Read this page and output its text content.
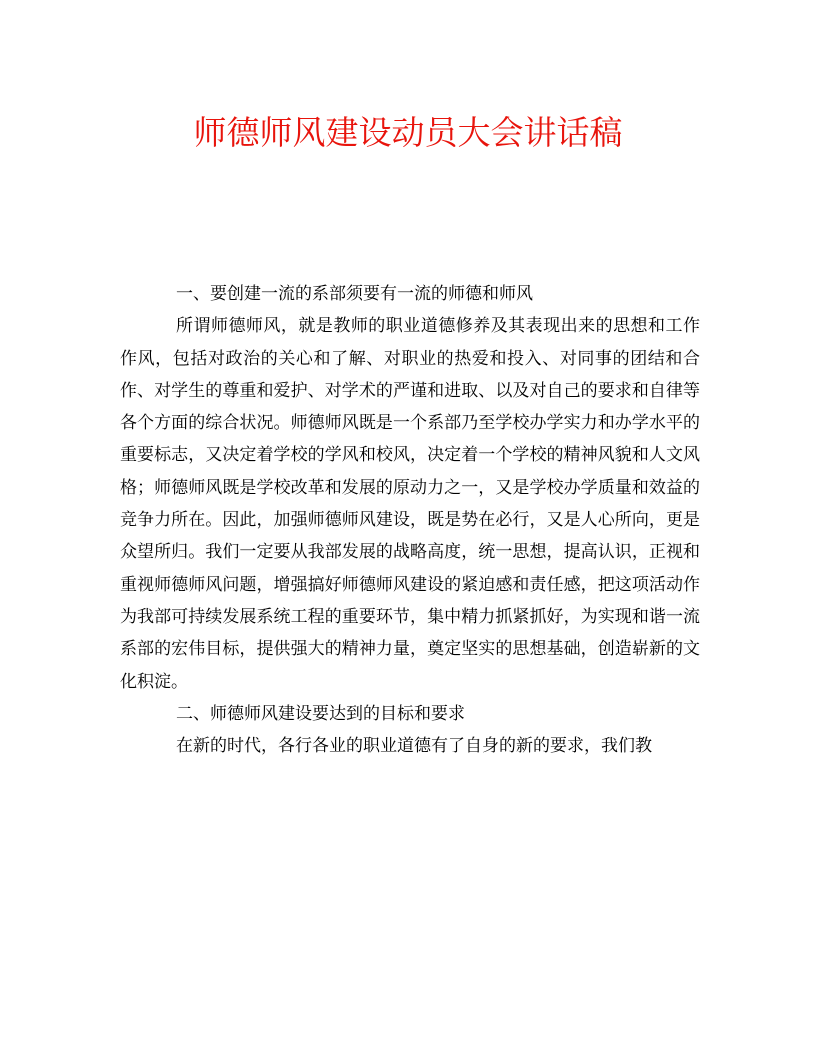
师德师风建设动员大会讲话稿

一、要创建一流的系部须要有一流的师德和师风

所谓师德师风，就是教师的职业道德修养及其表现出来的思想和工作作风，包括对政治的关心和了解、对职业的热爱和投入、对同事的团结和合作、对学生的尊重和爱护、对学术的严谨和进取、以及对自己的要求和自律等各个方面的综合状况。师德师风既是一个系部乃至学校办学实力和办学水平的重要标志，又决定着学校的学风和校风，决定着一个学校的精神风貌和人文风格；师德师风既是学校改革和发展的原动力之一，又是学校办学质量和效益的竞争力所在。因此，加强师德师风建设，既是势在必行，又是人心所向，更是众望所归。我们一定要从我部发展的战略高度，统一思想，提高认识，正视和重视师德师风问题，增强搞好师德师风建设的紧迫感和责任感，把这项活动作为我部可持续发展系统工程的重要环节，集中精力抓紧抓好，为实现和谐一流系部的宏伟目标，提供强大的精神力量，奠定坚实的思想基础，创造崭新的文化积淀。

二、师德师风建设要达到的目标和要求

在新的时代，各行各业的职业道德有了自身的新的要求，我们教
